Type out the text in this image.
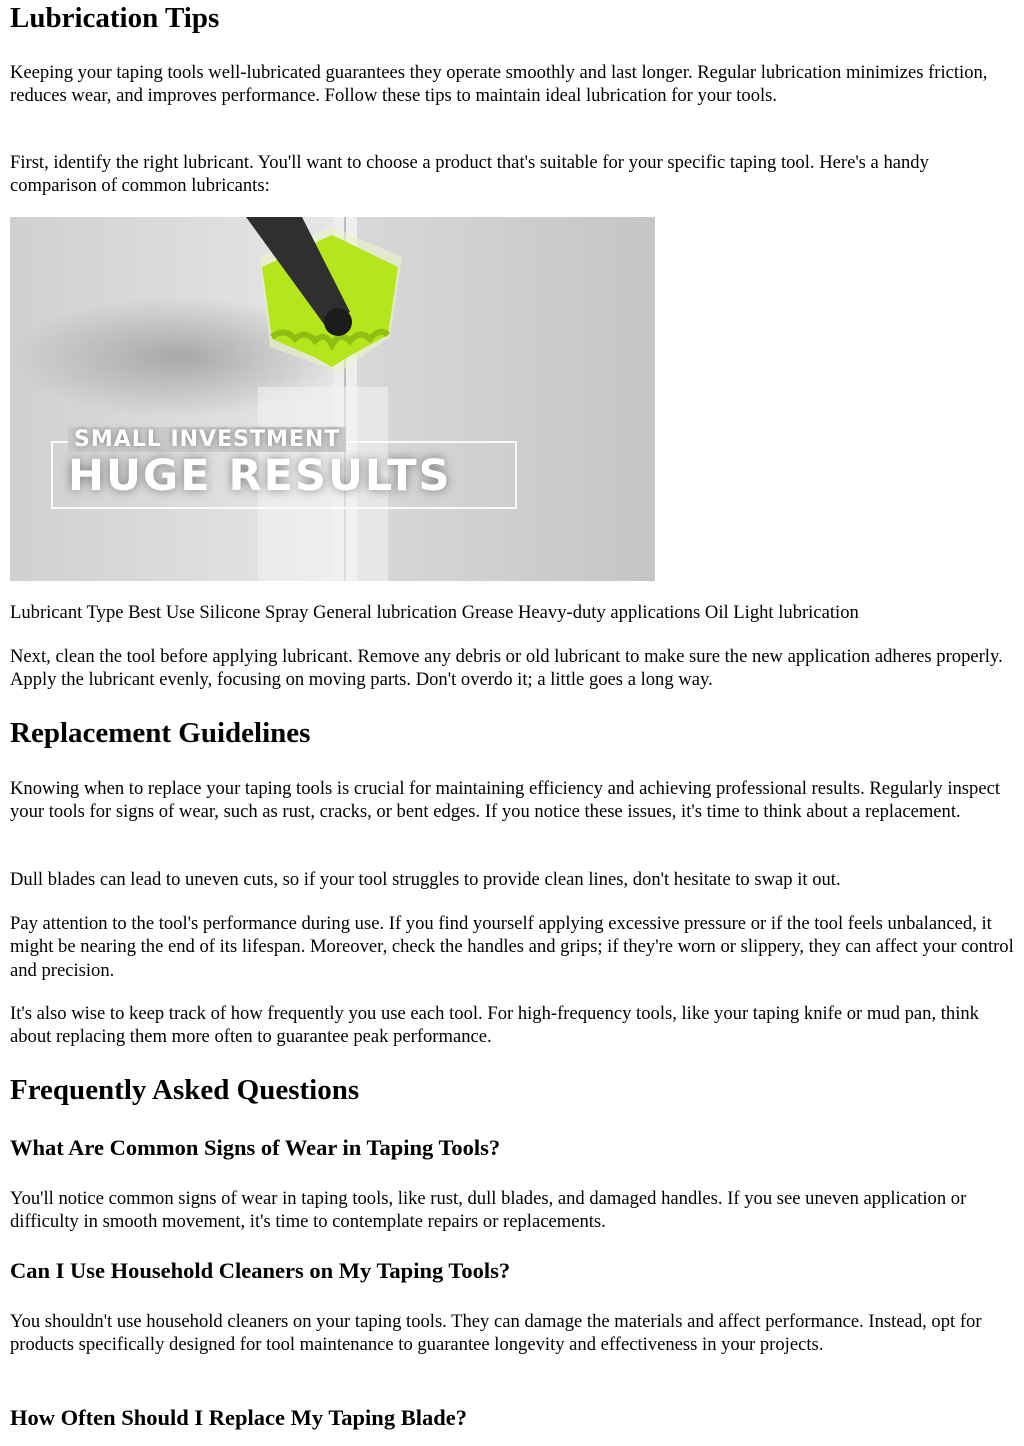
Lubrication Tips

Keeping your taping tools well-lubricated guarantees they operate smoothly and last longer. Regular lubrication minimizes friction, reduces wear, and improves performance. Follow these tips to maintain ideal lubrication for your tools.

First, identify the right lubricant. You'll want to choose a product that's suitable for your specific taping tool. Here's a handy comparison of common lubricants:

SMALL INVESTMENT
HUGE RESULTS

Lubricant Type Best Use Silicone Spray General lubrication Grease Heavy-duty applications Oil Light lubrication

Next, clean the tool before applying lubricant. Remove any debris or old lubricant to make sure the new application adheres properly. Apply the lubricant evenly, focusing on moving parts. Don't overdo it; a little goes a long way.

Replacement Guidelines

Knowing when to replace your taping tools is crucial for maintaining efficiency and achieving professional results. Regularly inspect your tools for signs of wear, such as rust, cracks, or bent edges. If you notice these issues, it's time to think about a replacement.

Dull blades can lead to uneven cuts, so if your tool struggles to provide clean lines, don't hesitate to swap it out.

Pay attention to the tool's performance during use. If you find yourself applying excessive pressure or if the tool feels unbalanced, it might be nearing the end of its lifespan. Moreover, check the handles and grips; if they're worn or slippery, they can affect your control and precision.

It's also wise to keep track of how frequently you use each tool. For high-frequency tools, like your taping knife or mud pan, think about replacing them more often to guarantee peak performance.

Frequently Asked Questions
What Are Common Signs of Wear in Taping Tools?

You'll notice common signs of wear in taping tools, like rust, dull blades, and damaged handles. If you see uneven application or difficulty in smooth movement, it's time to contemplate repairs or replacements.

Can I Use Household Cleaners on My Taping Tools?

You shouldn't use household cleaners on your taping tools. They can damage the materials and affect performance. Instead, opt for products specifically designed for tool maintenance to guarantee longevity and effectiveness in your projects.

How Often Should I Replace My Taping Blade?
